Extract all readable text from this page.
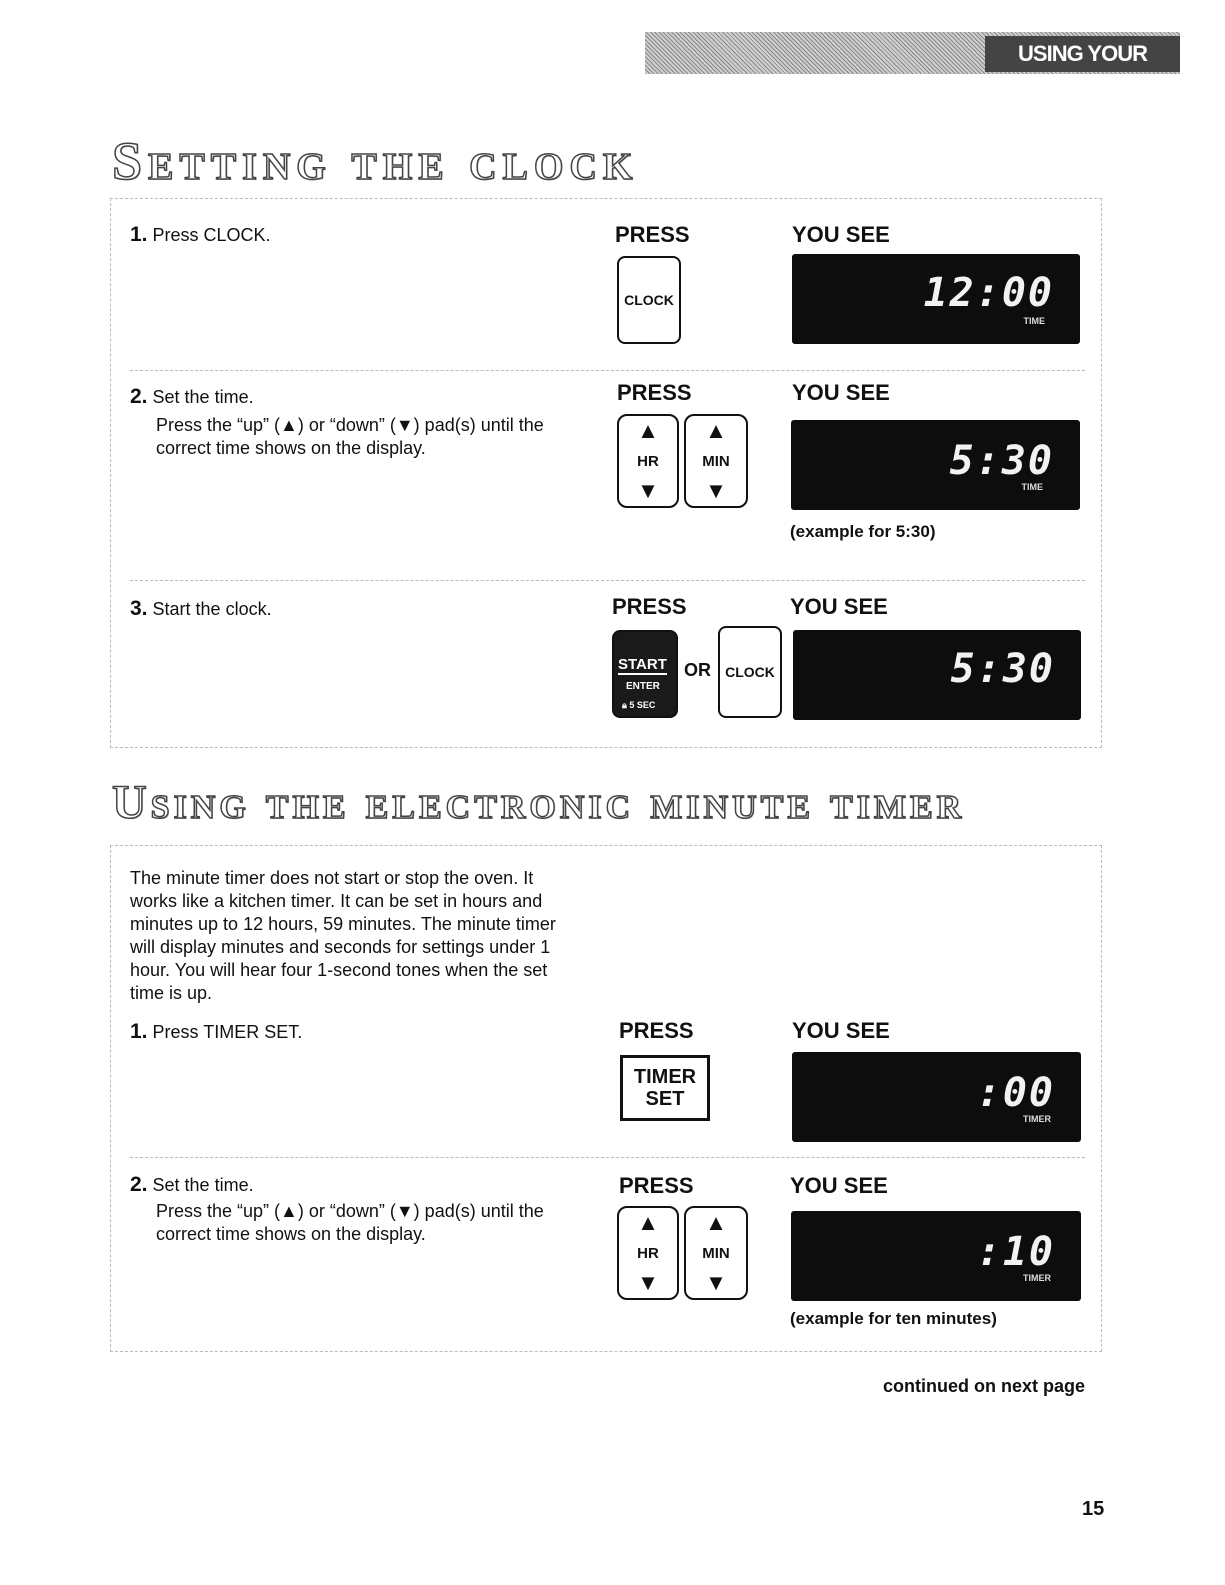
USING YOUR RANGE
Setting the clock
1. Press CLOCK.	PRESS	YOU SEE
CLOCK	12:00
TIME
2. Set the time.
Press the “up” (▲) or “down” (▼) pad(s) until the correct time shows on the display.
PRESS	YOU SEE
▲
HR
▼
▲
MIN
▼
5:30
TIME
(example for 5:30)
3. Start the clock.	PRESS	YOU SEE
START
ENTER
🔒︎ 5 SEC
OR CLOCK	5:30
Using the electronic minute timer
The minute timer does not start or stop the oven. It works like a kitchen timer. It can be set in hours and minutes up to 12 hours, 59 minutes. The minute timer will display minutes and seconds for settings under 1 hour. You will hear four 1-second tones when the set time is up.
1. Press TIMER SET.	PRESS	YOU SEE
TIMER
SET	:00
TIMER
2. Set the time.
Press the “up” (▲) or “down” (▼) pad(s) until the correct time shows on the display.
PRESS	YOU SEE
▲
HR
▼
▲
MIN
▼
:10
TIMER
(example for ten minutes)
continued on next page
15
